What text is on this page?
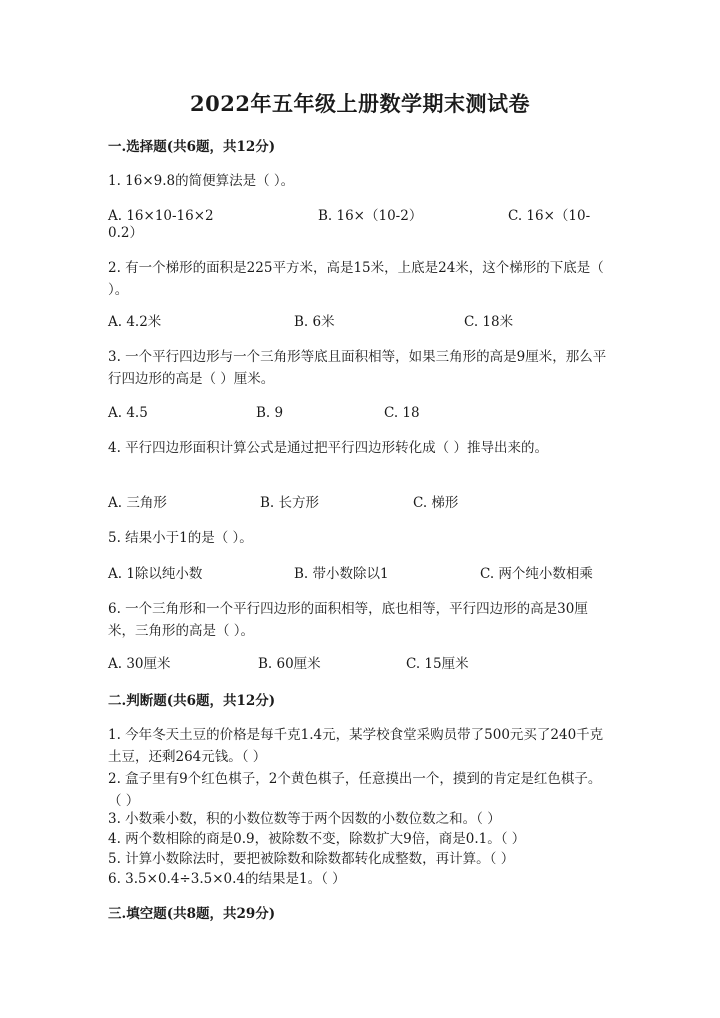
2022年五年级上册数学期末测试卷
一.选择题(共6题，共12分)
1. 16×9.8的简便算法是（ ）。
A. 16×10-16×2	B. 16×（10-2）	C. 16×（10-
0.2）
2. 有一个梯形的面积是225平方米，高是15米，上底是24米，这个梯形的下底是（ ）。
A. 4.2米	B. 6米	C. 18米
3. 一个平行四边形与一个三角形等底且面积相等，如果三角形的高是9厘米，那么平行四边形的高是（ ）厘米。
A. 4.5	B. 9	C. 18
4. 平行四边形面积计算公式是通过把平行四边形转化成（ ）推导出来的。
A. 三角形	B. 长方形	C. 梯形
5. 结果小于1的是（ ）。
A. 1除以纯小数	B. 带小数除以1	C. 两个纯小数相乘
6. 一个三角形和一个平行四边形的面积相等，底也相等，平行四边形的高是30厘米，三角形的高是（ ）。
A. 30厘米	B. 60厘米	C. 15厘米
二.判断题(共6题，共12分)
1. 今年冬天土豆的价格是每千克1.4元，某学校食堂采购员带了500元买了240千克土豆，还剩264元钱。（ ）
2. 盒子里有9个红色棋子，2个黄色棋子，任意摸出一个，摸到的肯定是红色棋子。（ ）
3. 小数乘小数，积的小数位数等于两个因数的小数位数之和。（ ）
4. 两个数相除的商是0.9，被除数不变，除数扩大9倍，商是0.1。（ ）
5. 计算小数除法时，要把被除数和除数都转化成整数，再计算。（ ）
6. 3.5×0.4÷3.5×0.4的结果是1。（ ）
三.填空题(共8题，共29分)
